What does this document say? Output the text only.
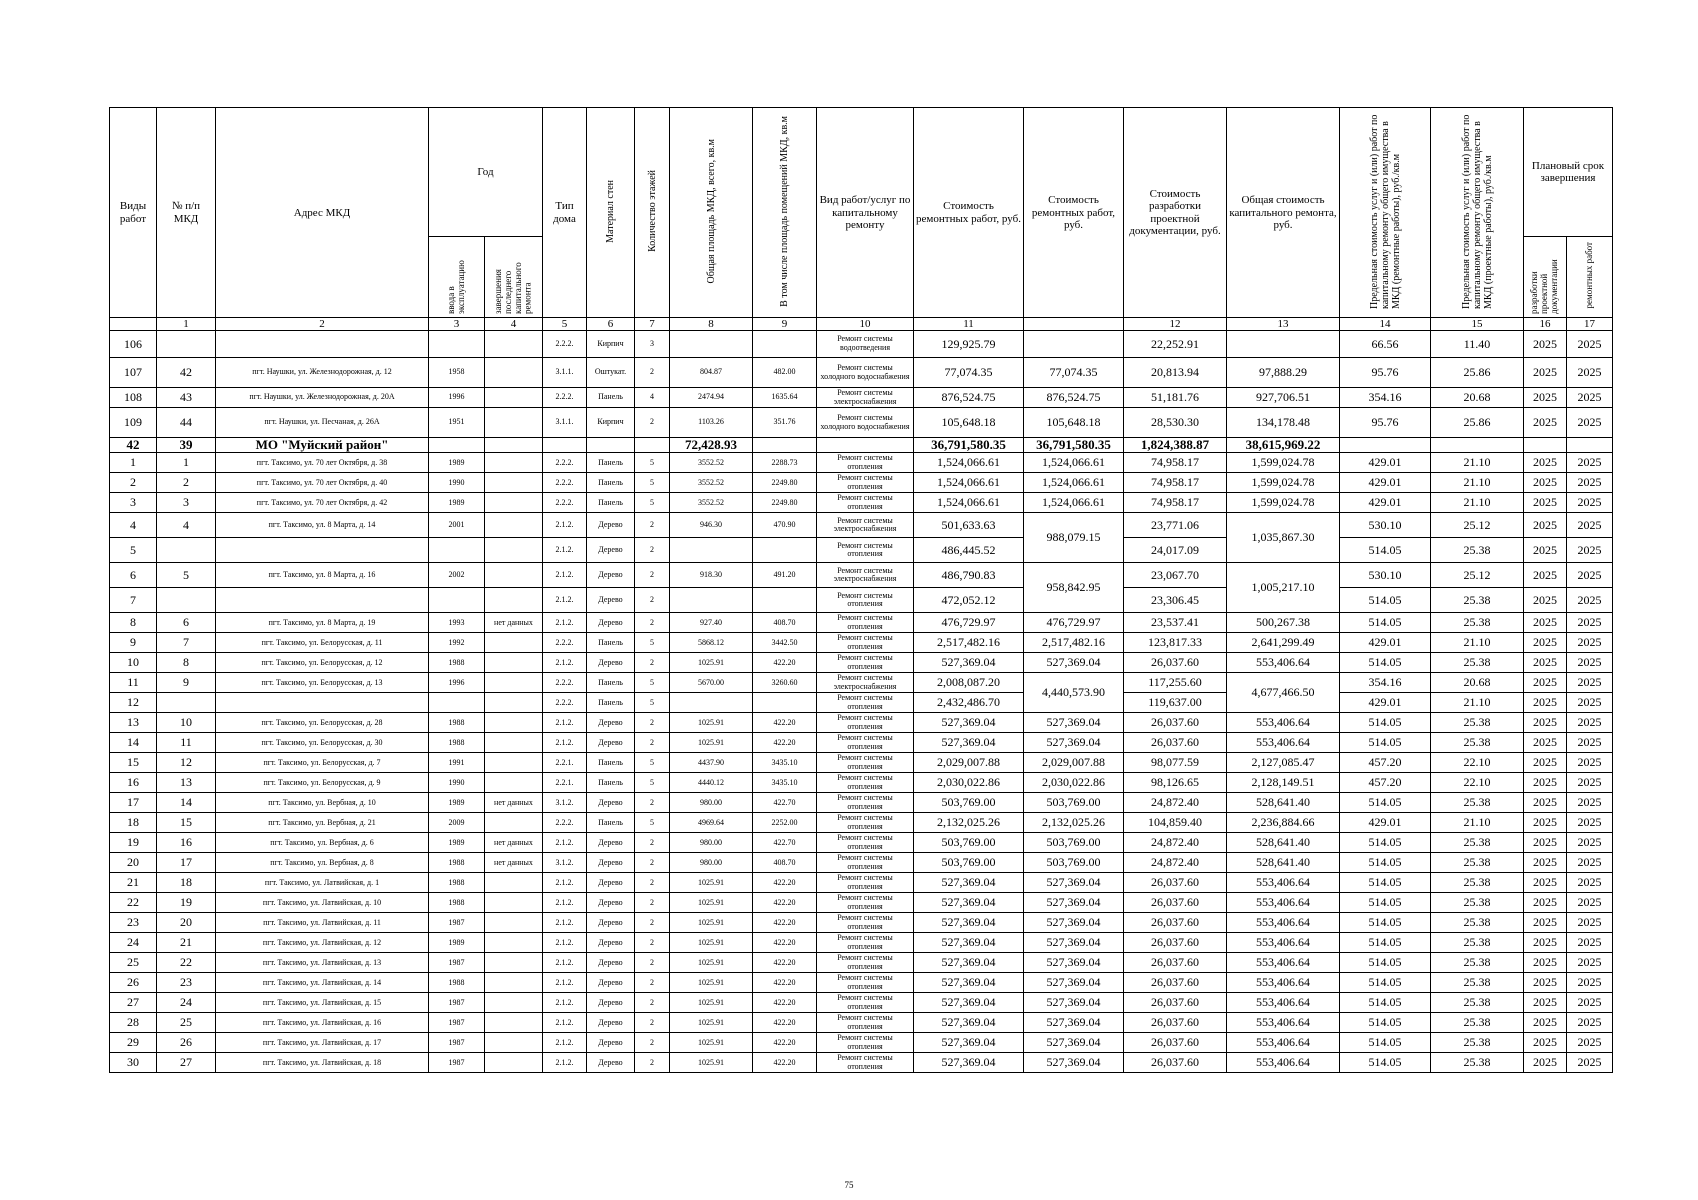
Виды работ	№ п/п МКД	Адрес МКД	Год		Тип дома	Материал стен	Количество этажей	Общая площадь МКД, всего, кв.м	В том числе площадь помещений МКД, кв.м	Вид работ/услуг по капитальному ремонту	Стоимость ремонтных работ, руб.	Стоимость ремонтных работ, руб.	Стоимость разработки проектной документации, руб.	Общая стоимость капитального ремонта, руб.	Предельная стоимость услуг и (или) работ по капитальному ремонту общего имущества в МКД (ремонтные работы), руб./кв.м	Предельная стоимость услуг и (или) работ по капитальному ремонту общего имущества в МКД (проектные работы), руб./кв.м	Плановый срок завершения	
			ввода в эксплуатацию	завершения последнего капитального ремонта													разработки проектной документации	ремонтных работ
	1	2	3	4	5	6	7	8	9	10	11		12	13	14	15	16	17
106					2.2.2.	Кирпич	3			Ремонт системы водоотведения	129,925.79		22,252.91		66.56	11.40	2025	2025
107	42	пгт. Наушки, ул. Железнодорожная, д. 12	1958		3.1.1.	Оштукат.	2	804.87	482.00	Ремонт системы холодного водоснабжения	77,074.35	77,074.35	20,813.94	97,888.29	95.76	25.86	2025	2025
108	43	пгт. Наушки, ул. Железнодорожная, д. 20А	1996		2.2.2.	Панель	4	2474.94	1635.64	Ремонт системы электроснабжения	876,524.75	876,524.75	51,181.76	927,706.51	354.16	20.68	2025	2025
109	44	пгт. Наушки, ул. Песчаная, д. 26А	1951		3.1.1.	Кирпич	2	1103.26	351.76	Ремонт системы холодного водоснабжения	105,648.18	105,648.18	28,530.30	134,178.48	95.76	25.86	2025	2025
42	39	МО "Муйский район"						72,428.93			36,791,580.35	36,791,580.35	1,824,388.87	38,615,969.22				
1	1	пгт. Таксимо, ул. 70 лет Октября, д. 38	1989		2.2.2.	Панель	5	3552.52	2288.73	Ремонт системы отопления	1,524,066.61	1,524,066.61	74,958.17	1,599,024.78	429.01	21.10	2025	2025
2	2	пгт. Таксимо, ул. 70 лет Октября, д. 40	1990		2.2.2.	Панель	5	3552.52	2249.80	Ремонт системы отопления	1,524,066.61	1,524,066.61	74,958.17	1,599,024.78	429.01	21.10	2025	2025
3	3	пгт. Таксимо, ул. 70 лет Октября, д. 42	1989		2.2.2.	Панель	5	3552.52	2249.80	Ремонт системы отопления	1,524,066.61	1,524,066.61	74,958.17	1,599,024.78	429.01	21.10	2025	2025
4	4	пгт. Таксимо, ул. 8 Марта, д. 14	2001		2.1.2.	Дерево	2	946.30	470.90	Ремонт системы электроснабжения	501,633.63	988,079.15	23,771.06	1,035,867.30	530.10	25.12	2025	2025
5					2.1.2.	Дерево	2			Ремонт системы отопления	486,445.52		24,017.09		514.05	25.38	2025	2025
6	5	пгт. Таксимо, ул. 8 Марта, д. 16	2002		2.1.2.	Дерево	2	918.30	491.20	Ремонт системы электроснабжения	486,790.83	958,842.95	23,067.70	1,005,217.10	530.10	25.12	2025	2025
7					2.1.2.	Дерево	2			Ремонт системы отопления	472,052.12		23,306.45		514.05	25.38	2025	2025
8	6	пгт. Таксимо, ул. 8 Марта, д. 19	1993	нет данных	2.1.2.	Дерево	2	927.40	408.70	Ремонт системы отопления	476,729.97	476,729.97	23,537.41	500,267.38	514.05	25.38	2025	2025
9	7	пгт. Таксимо, ул. Белорусская, д. 11	1992		2.2.2.	Панель	5	5868.12	3442.50	Ремонт системы отопления	2,517,482.16	2,517,482.16	123,817.33	2,641,299.49	429.01	21.10	2025	2025
10	8	пгт. Таксимо, ул. Белорусская, д. 12	1988		2.1.2.	Дерево	2	1025.91	422.20	Ремонт системы отопления	527,369.04	527,369.04	26,037.60	553,406.64	514.05	25.38	2025	2025
11	9	пгт. Таксимо, ул. Белорусская, д. 13	1996		2.2.2.	Панель	5	5670.00	3260.60	Ремонт системы электроснабжения	2,008,087.20	4,440,573.90	117,255.60	4,677,466.50	354.16	20.68	2025	2025
12					2.2.2.	Панель	5			Ремонт системы отопления	2,432,486.70		119,637.00		429.01	21.10	2025	2025
13	10	пгт. Таксимо, ул. Белорусская, д. 28	1988		2.1.2.	Дерево	2	1025.91	422.20	Ремонт системы отопления	527,369.04	527,369.04	26,037.60	553,406.64	514.05	25.38	2025	2025
14	11	пгт. Таксимо, ул. Белорусская, д. 30	1988		2.1.2.	Дерево	2	1025.91	422.20	Ремонт системы отопления	527,369.04	527,369.04	26,037.60	553,406.64	514.05	25.38	2025	2025
15	12	пгт. Таксимо, ул. Белорусская, д. 7	1991		2.2.1.	Панель	5	4437.90	3435.10	Ремонт системы отопления	2,029,007.88	2,029,007.88	98,077.59	2,127,085.47	457.20	22.10	2025	2025
16	13	пгт. Таксимо, ул. Белорусская, д. 9	1990		2.2.1.	Панель	5	4440.12	3435.10	Ремонт системы отопления	2,030,022.86	2,030,022.86	98,126.65	2,128,149.51	457.20	22.10	2025	2025
17	14	пгт. Таксимо, ул. Вербная, д. 10	1989	нет данных	3.1.2.	Дерево	2	980.00	422.70	Ремонт системы отопления	503,769.00	503,769.00	24,872.40	528,641.40	514.05	25.38	2025	2025
18	15	пгт. Таксимо, ул. Вербная, д. 21	2009		2.2.2.	Панель	5	4969.64	2252.00	Ремонт системы отопления	2,132,025.26	2,132,025.26	104,859.40	2,236,884.66	429.01	21.10	2025	2025
19	16	пгт. Таксимо, ул. Вербная, д. 6	1989	нет данных	2.1.2.	Дерево	2	980.00	422.70	Ремонт системы отопления	503,769.00	503,769.00	24,872.40	528,641.40	514.05	25.38	2025	2025
20	17	пгт. Таксимо, ул. Вербная, д. 8	1988	нет данных	3.1.2.	Дерево	2	980.00	408.70	Ремонт системы отопления	503,769.00	503,769.00	24,872.40	528,641.40	514.05	25.38	2025	2025
21	18	пгт. Таксимо, ул. Латвийская, д. 1	1988		2.1.2.	Дерево	2	1025.91	422.20	Ремонт системы отопления	527,369.04	527,369.04	26,037.60	553,406.64	514.05	25.38	2025	2025
22	19	пгт. Таксимо, ул. Латвийская, д. 10	1988		2.1.2.	Дерево	2	1025.91	422.20	Ремонт системы отопления	527,369.04	527,369.04	26,037.60	553,406.64	514.05	25.38	2025	2025
23	20	пгт. Таксимо, ул. Латвийская, д. 11	1987		2.1.2.	Дерево	2	1025.91	422.20	Ремонт системы отопления	527,369.04	527,369.04	26,037.60	553,406.64	514.05	25.38	2025	2025
24	21	пгт. Таксимо, ул. Латвийская, д. 12	1989		2.1.2.	Дерево	2	1025.91	422.20	Ремонт системы отопления	527,369.04	527,369.04	26,037.60	553,406.64	514.05	25.38	2025	2025
25	22	пгт. Таксимо, ул. Латвийская, д. 13	1987		2.1.2.	Дерево	2	1025.91	422.20	Ремонт системы отопления	527,369.04	527,369.04	26,037.60	553,406.64	514.05	25.38	2025	2025
26	23	пгт. Таксимо, ул. Латвийская, д. 14	1988		2.1.2.	Дерево	2	1025.91	422.20	Ремонт системы отопления	527,369.04	527,369.04	26,037.60	553,406.64	514.05	25.38	2025	2025
27	24	пгт. Таксимо, ул. Латвийская, д. 15	1987		2.1.2.	Дерево	2	1025.91	422.20	Ремонт системы отопления	527,369.04	527,369.04	26,037.60	553,406.64	514.05	25.38	2025	2025
28	25	пгт. Таксимо, ул. Латвийская, д. 16	1987		2.1.2.	Дерево	2	1025.91	422.20	Ремонт системы отопления	527,369.04	527,369.04	26,037.60	553,406.64	514.05	25.38	2025	2025
29	26	пгт. Таксимо, ул. Латвийская, д. 17	1987		2.1.2.	Дерево	2	1025.91	422.20	Ремонт системы отопления	527,369.04	527,369.04	26,037.60	553,406.64	514.05	25.38	2025	2025
30	27	пгт. Таксимо, ул. Латвийская, д. 18	1987		2.1.2.	Дерево	2	1025.91	422.20	Ремонт системы отопления	527,369.04	527,369.04	26,037.60	553,406.64	514.05	25.38	2025	2025
75
